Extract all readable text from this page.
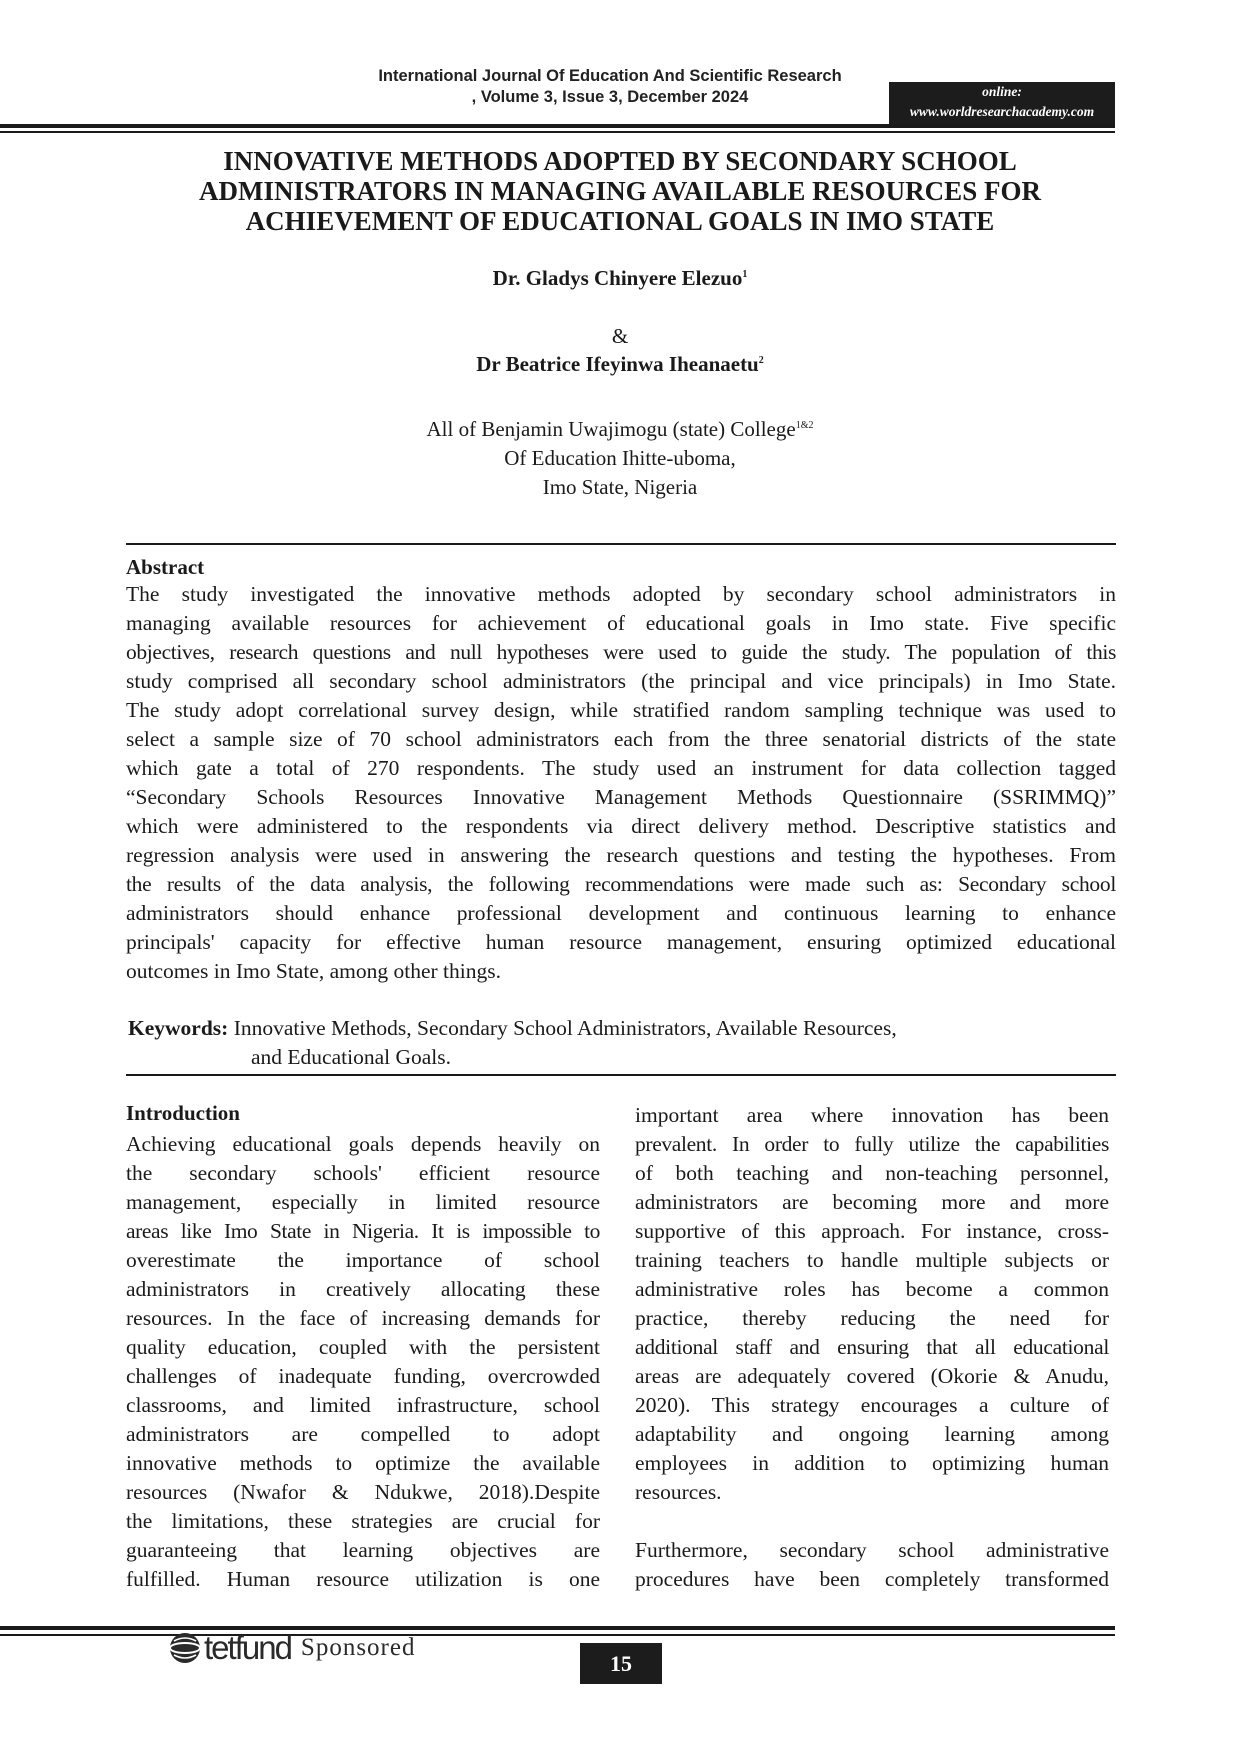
International Journal Of Education And Scientific Research
, Volume 3, Issue 3, December 2024	online:
www.worldresearchacademy.com
INNOVATIVE METHODS ADOPTED BY SECONDARY SCHOOL
ADMINISTRATORS IN MANAGING AVAILABLE RESOURCES FOR
ACHIEVEMENT OF EDUCATIONAL GOALS IN IMO STATE
Dr. Gladys Chinyere Elezuo$^1$
&
Dr Beatrice Ifeyinwa Iheanaetu$^2$
All of Benjamin Uwajimogu (state) College$^{1\&2}$
Of Education Ihitte-uboma,
Imo State, Nigeria
Abstract
The study investigated the innovative methods adopted by secondary school administrators in
managing available resources for achievement of educational goals in Imo state. Five specific
objectives, research questions and null hypotheses were used to guide the study. The population of this
study comprised all secondary school administrators (the principal and vice principals) in Imo State.
The study adopt correlational survey design, while stratified random sampling technique was used to
select a sample size of 70 school administrators each from the three senatorial districts of the state
which gate a total of 270 respondents. The study used an instrument for data collection tagged
“Secondary Schools Resources Innovative Management Methods Questionnaire (SSRIMMQ)”
which were administered to the respondents via direct delivery method. Descriptive statistics and
regression analysis were used in answering the research questions and testing the hypotheses. From
the results of the data analysis, the following recommendations were made such as: Secondary school
administrators should enhance professional development and continuous learning to enhance
principals' capacity for effective human resource management, ensuring optimized educational
outcomes in Imo State, among other things.
Keywords: Innovative Methods, Secondary School Administrators, Available Resources,
and Educational Goals.
Introduction
Achieving educational goals depends heavily on
the secondary schools' efficient resource
management, especially in limited resource
areas like Imo State in Nigeria. It is impossible to
overestimate the importance of school
administrators in creatively allocating these
resources. In the face of increasing demands for
quality education, coupled with the persistent
challenges of inadequate funding, overcrowded
classrooms, and limited infrastructure, school
administrators are compelled to adopt
innovative methods to optimize the available
resources (Nwafor & Ndukwe, 2018).Despite
the limitations, these strategies are crucial for
guaranteeing that learning objectives are
fulfilled. Human resource utilization is one
important area where innovation has been
prevalent. In order to fully utilize the capabilities
of both teaching and non-teaching personnel,
administrators are becoming more and more
supportive of this approach. For instance, cross-
training teachers to handle multiple subjects or
administrative roles has become a common
practice, thereby reducing the need for
additional staff and ensuring that all educational
areas are adequately covered (Okorie & Anudu,
2020). This strategy encourages a culture of
adaptability and ongoing learning among
employees in addition to optimizing human
resources.
Furthermore, secondary school administrative
procedures have been completely transformed
tetfund Sponsored
15
